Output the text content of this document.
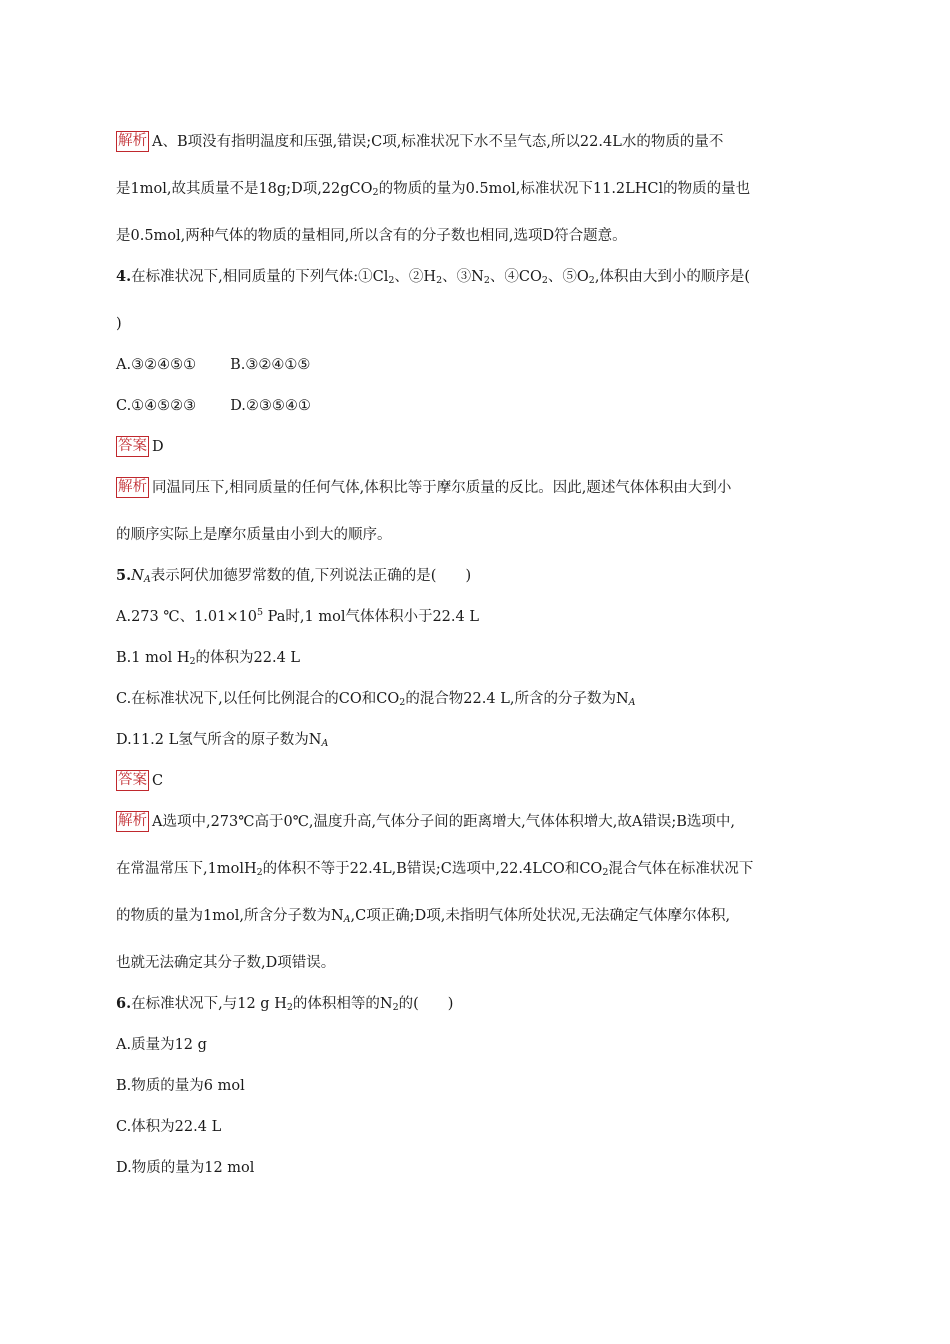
解析 A、B项没有指明温度和压强,错误;C项,标准状况下水不呈气态,所以22.4L水的物质的量不
是1mol,故其质量不是18g;D项,22gCO$_2$的物质的量为0.5mol,标准状况下11.2LHCl的物质的量也
是0.5mol,两种气体的物质的量相同,所以含有的分子数也相同,选项D符合题意。
4.在标准状况下,相同质量的下列气体$:①Cl_2$、$②H_2$、$③N_2$、$④CO_2$、$⑤O_2$,体积由大到小的顺序是(
)
A.③②④⑤① B.③②④①⑤
C.①④⑤②③ D.②③⑤④①
答案 D
解析 同温同压下,相同质量的任何气体,体积比等于摩尔质量的反比。因此,题述气体体积由大到小
的顺序实际上是摩尔质量由小到大的顺序。
$5.N_A$表示阿伏加德罗常数的值,下列说法正确的是(　　)
A.273 ℃、$1.01\times 10^5$ Pa时,1 mol气体体积小于22.4 L
B.1 mol $H_2$的体积为22.4 L
C.在标准状况下,以任何比例混合的CO和$CO_2$的混合物22.4 L,所含的分子数为$N_A$
D.11.2 L氢气所含的原子数为$N_A$
答案 C
解析 A选项中,273℃高于0℃,温度升高,气体分子间的距离增大,气体体积增大,故A错误;B选项中,
在常温常压下,1molH$_2$的体积不等于22.4L,B错误;C选项中,22.4LCO和$CO_2$混合气体在标准状况下
的物质的量为1mol,所含分子数为$N_A,C$项正确;D项,未指明气体所处状况,无法确定气体摩尔体积,
也就无法确定其分子数,D项错误。
6.在标准状况下,与12 g $H_2$的体积相等的$N_2$的(　　)
A.质量为12 g
B.物质的量为6 mol
C.体积为22.4 L
D.物质的量为12 mol
